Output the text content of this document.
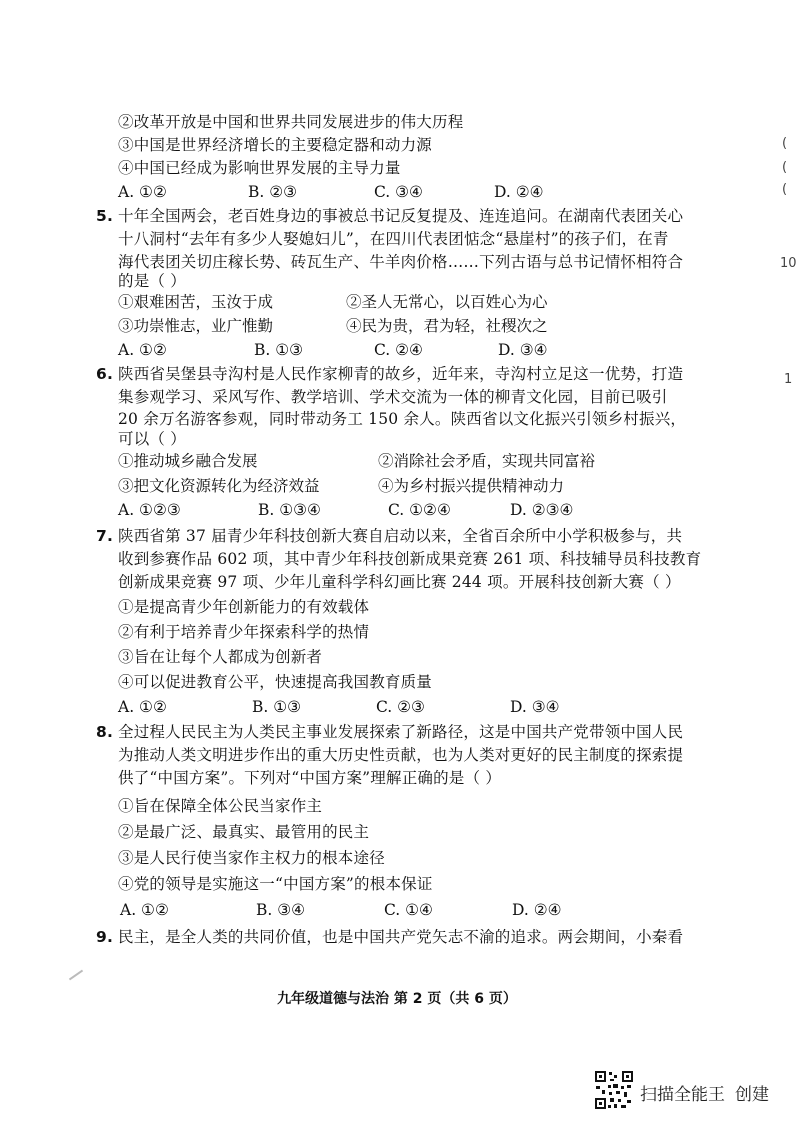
②改革开放是中国和世界共同发展进步的伟大历程
③中国是世界经济增长的主要稳定器和动力源
④中国已经成为影响世界发展的主导力量
A. ①②	B. ②③	C. ③④	D. ②④
5. 十年全国两会，老百姓身边的事被总书记反复提及、连连追问。在湖南代表团关心
十八洞村“去年有多少人娶媳妇儿”，在四川代表团惦念“悬崖村”的孩子们，在青
海代表团关切庄稼长势、砖瓦生产、牛羊肉价格……下列古语与总书记情怀相符合
的是（ ）
①艰难困苦，玉汝于成	②圣人无常心，以百姓心为心
③功崇惟志，业广惟勤	④民为贵，君为轻，社稷次之
A. ①②	B. ①③	C. ②④	D. ③④
6. 陕西省吴堡县寺沟村是人民作家柳青的故乡，近年来，寺沟村立足这一优势，打造
集参观学习、采风写作、教学培训、学术交流为一体的柳青文化园，目前已吸引
20 余万名游客参观，同时带动务工 150 余人。陕西省以文化振兴引领乡村振兴，
可以（ ）
①推动城乡融合发展	②消除社会矛盾，实现共同富裕
③把文化资源转化为经济效益	④为乡村振兴提供精神动力
A. ①②③	B. ①③④	C. ①②④	D. ②③④
7. 陕西省第 37 届青少年科技创新大赛自启动以来，全省百余所中小学积极参与，共
收到参赛作品 602 项，其中青少年科技创新成果竞赛 261 项、科技辅导员科技教育
创新成果竞赛 97 项、少年儿童科学科幻画比赛 244 项。开展科技创新大赛（ ）
①是提高青少年创新能力的有效载体
②有利于培养青少年探索科学的热情
③旨在让每个人都成为创新者
④可以促进教育公平，快速提高我国教育质量
A. ①②	B. ①③	C. ②③	D. ③④
8. 全过程人民民主为人类民主事业发展探索了新路径，这是中国共产党带领中国人民
为推动人类文明进步作出的重大历史性贡献，也为人类对更好的民主制度的探索提
供了“中国方案”。下列对“中国方案”理解正确的是（ ）
①旨在保障全体公民当家作主
②是最广泛、最真实、最管用的民主
③是人民行使当家作主权力的根本途径
④党的领导是实施这一“中国方案”的根本保证
A. ①②	B. ③④	C. ①④	D. ②④
9. 民主，是全人类的共同价值，也是中国共产党矢志不渝的追求。两会期间，小秦看
九年级道德与法治 第 2 页（共 6 页）
(
(
(
10
1
扫描全能王 创建
